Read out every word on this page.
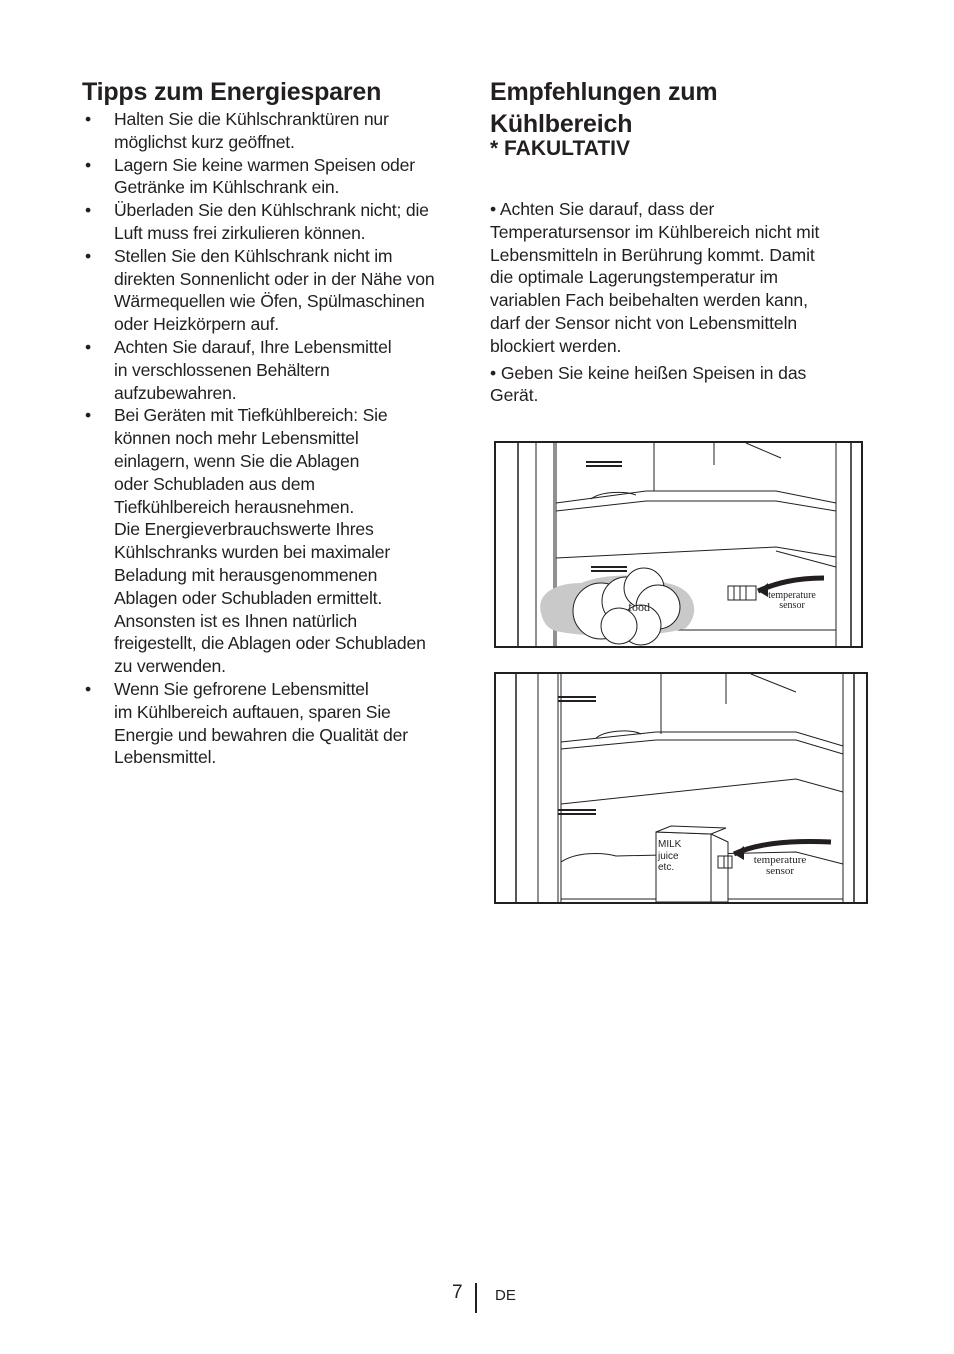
Tipps zum Energiesparen
• Halten Sie die Kühlschranktüren nur
möglichst kurz geöffnet.
• Lagern Sie keine warmen Speisen oder
Getränke im Kühlschrank ein.
• Überladen Sie den Kühlschrank nicht; die
Luft muss frei zirkulieren können.
• Stellen Sie den Kühlschrank nicht im
direkten Sonnenlicht oder in der Nähe von
Wärmequellen wie Öfen, Spülmaschinen
oder Heizkörpern auf.
• Achten Sie darauf, Ihre Lebensmittel
in verschlossenen Behältern
aufzubewahren.
• Bei Geräten mit Tiefkühlbereich: Sie
können noch mehr Lebensmittel
einlagern, wenn Sie die Ablagen
oder Schubladen aus dem
Tiefkühlbereich herausnehmen.
Die Energieverbrauchswerte Ihres
Kühlschranks wurden bei maximaler
Beladung mit herausgenommenen
Ablagen oder Schubladen ermittelt.
Ansonsten ist es Ihnen natürlich
freigestellt, die Ablagen oder Schubladen
zu verwenden.
• Wenn Sie gefrorene Lebensmittel
im Kühlbereich auftauen, sparen Sie
Energie und bewahren die Qualität der
Lebensmittel.
Empfehlungen zum
Kühlbereich

* FAKULTATIV

• Achten Sie darauf, dass der
Temperatursensor im Kühlbereich nicht mit
Lebensmitteln in Berührung kommt. Damit
die optimale Lagerungstemperatur im
variablen Fach beibehalten werden kann,
darf der Sensor nicht von Lebensmitteln
blockiert werden.

• Geben Sie keine heißen Speisen in das
Gerät.

food
temperature
sensor
MILK
juice
etc.
temperature
sensor
7 DE
